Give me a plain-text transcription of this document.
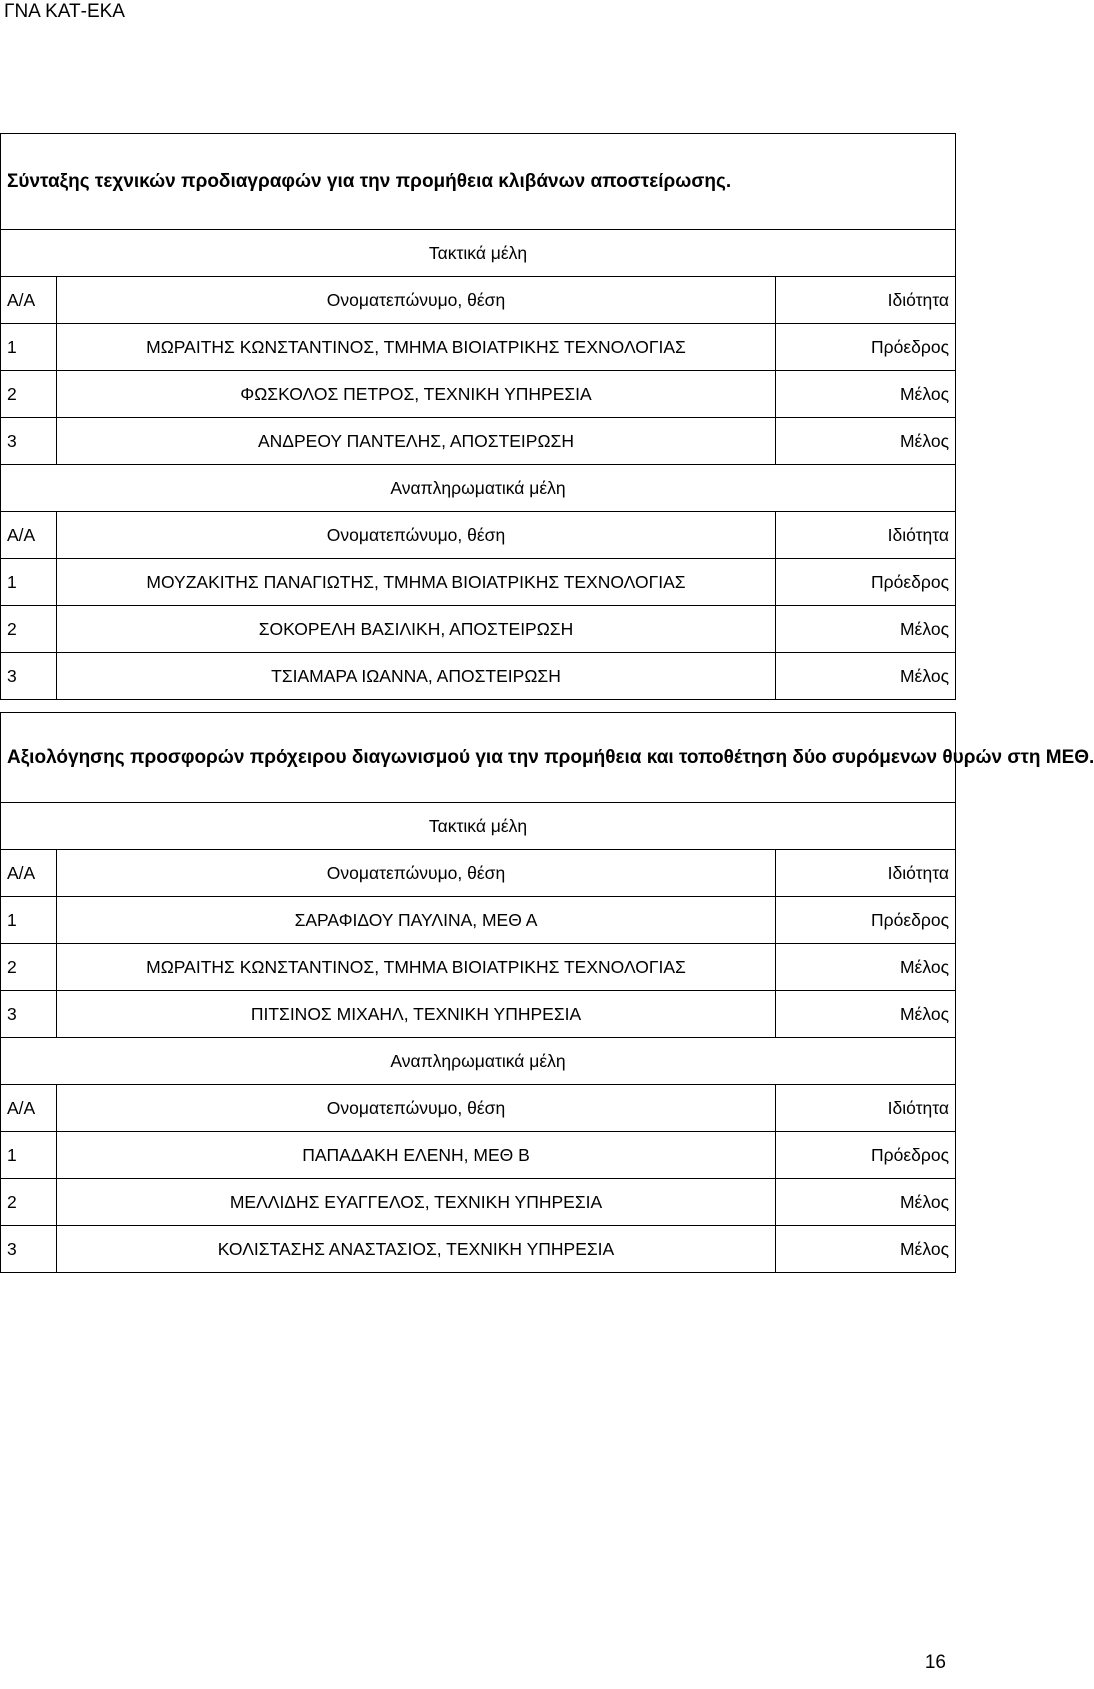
ΓΝΑ ΚΑΤ-ΕΚΑ
Σύνταξης τεχνικών προδιαγραφών για την προμήθεια κλιβάνων αποστείρωσης.		
Τακτικά μέλη		
Α/Α	Ονοματεπώνυμο, θέση	Ιδιότητα
1	ΜΩΡΑΙΤΗΣ ΚΩΝΣΤΑΝΤΙΝΟΣ, ΤΜΗΜΑ ΒΙΟΙΑΤΡΙΚΗΣ ΤΕΧΝΟΛΟΓΙΑΣ	Πρόεδρος
2	ΦΩΣΚΟΛΟΣ ΠΕΤΡΟΣ, ΤΕΧΝΙΚΗ ΥΠΗΡΕΣΙΑ	Μέλος
3	ΑΝΔΡΕΟΥ ΠΑΝΤΕΛΗΣ, ΑΠΟΣΤΕΙΡΩΣΗ	Μέλος
Αναπληρωματικά μέλη		
Α/Α	Ονοματεπώνυμο, θέση	Ιδιότητα
1	ΜΟΥΖΑΚΙΤΗΣ ΠΑΝΑΓΙΩΤΗΣ, ΤΜΗΜΑ ΒΙΟΙΑΤΡΙΚΗΣ ΤΕΧΝΟΛΟΓΙΑΣ	Πρόεδρος
2	ΣΟΚΟΡΕΛΗ ΒΑΣΙΛΙΚΗ, ΑΠΟΣΤΕΙΡΩΣΗ	Μέλος
3	ΤΣΙΑΜΑΡΑ ΙΩΑΝΝΑ, ΑΠΟΣΤΕΙΡΩΣΗ	Μέλος
Αξιολόγησης προσφορών πρόχειρου διαγωνισμού για την προμήθεια και τοποθέτηση δύο συρόμενων θυρών στη ΜΕΘ.		
Τακτικά μέλη		
Α/Α	Ονοματεπώνυμο, θέση	Ιδιότητα
1	ΣΑΡΑΦΙΔΟΥ ΠΑΥΛΙΝΑ, ΜΕΘ Α	Πρόεδρος
2	ΜΩΡΑΙΤΗΣ ΚΩΝΣΤΑΝΤΙΝΟΣ, ΤΜΗΜΑ ΒΙΟΙΑΤΡΙΚΗΣ ΤΕΧΝΟΛΟΓΙΑΣ	Μέλος
3	ΠΙΤΣΙΝΟΣ ΜΙΧΑΗΛ, ΤΕΧΝΙΚΗ ΥΠΗΡΕΣΙΑ	Μέλος
Αναπληρωματικά μέλη		
Α/Α	Ονοματεπώνυμο, θέση	Ιδιότητα
1	ΠΑΠΑΔΑΚΗ ΕΛΕΝΗ, ΜΕΘ Β	Πρόεδρος
2	ΜΕΛΛΙΔΗΣ ΕΥΑΓΓΕΛΟΣ, ΤΕΧΝΙΚΗ ΥΠΗΡΕΣΙΑ	Μέλος
3	ΚΟΛΙΣΤΑΣΗΣ ΑΝΑΣΤΑΣΙΟΣ, ΤΕΧΝΙΚΗ ΥΠΗΡΕΣΙΑ	Μέλος
16
